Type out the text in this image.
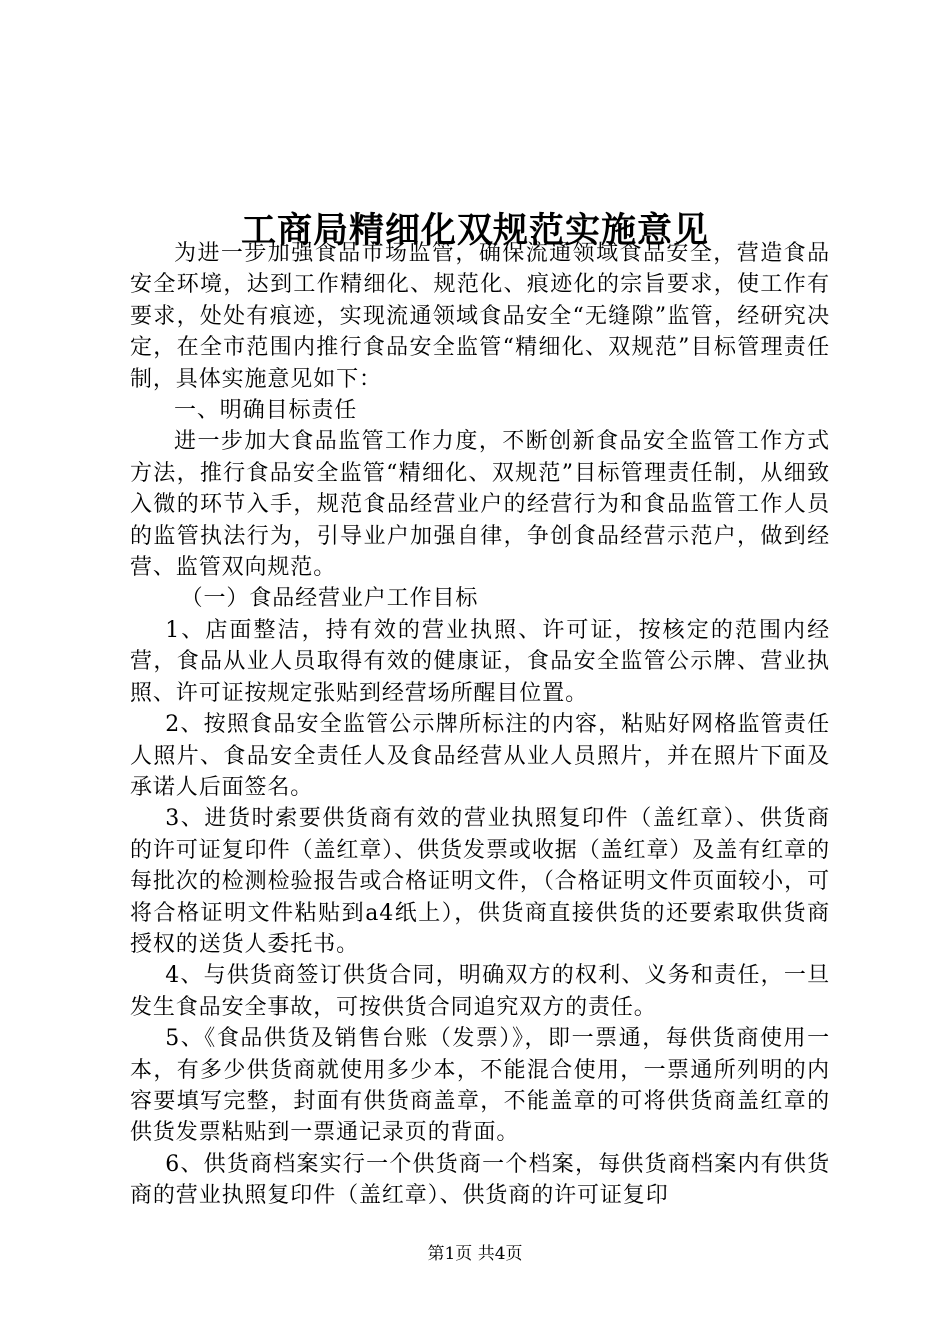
工商局精细化双规范实施意见

为进一步加强食品市场监管，确保流通领域食品安全，营造食品安全环境，达到工作精细化、规范化、痕迹化的宗旨要求，使工作有要求，处处有痕迹，实现流通领域食品安全“无缝隙”监管，经研究决定，在全市范围内推行食品安全监管“精细化、双规范”目标管理责任制，具体实施意见如下：

一、明确目标责任

进一步加大食品监管工作力度，不断创新食品安全监管工作方式方法，推行食品安全监管“精细化、双规范”目标管理责任制，从细致入微的环节入手，规范食品经营业户的经营行为和食品监管工作人员的监管执法行为，引导业户加强自律，争创食品经营示范户，做到经营、监管双向规范。

（一）食品经营业户工作目标

1、店面整洁，持有效的营业执照、许可证，按核定的范围内经营，食品从业人员取得有效的健康证，食品安全监管公示牌、营业执照、许可证按规定张贴到经营场所醒目位置。

2、按照食品安全监管公示牌所标注的内容，粘贴好网格监管责任人照片、食品安全责任人及食品经营从业人员照片，并在照片下面及承诺人后面签名。

3、进货时索要供货商有效的营业执照复印件（盖红章）、供货商的许可证复印件（盖红章）、供货发票或收据（盖红章）及盖有红章的每批次的检测检验报告或合格证明文件，（合格证明文件页面较小，可将合格证明文件粘贴到a4纸上），供货商直接供货的还要索取供货商授权的送货人委托书。

4、与供货商签订供货合同，明确双方的权利、义务和责任，一旦发生食品安全事故，可按供货合同追究双方的责任。

5、《食品供货及销售台账（发票）》，即一票通，每供货商使用一本，有多少供货商就使用多少本，不能混合使用，一票通所列明的内容要填写完整，封面有供货商盖章，不能盖章的可将供货商盖红章的供货发票粘贴到一票通记录页的背面。

6、供货商档案实行一个供货商一个档案，每供货商档案内有供货商的营业执照复印件（盖红章）、供货商的许可证复印

第1页 共4页
